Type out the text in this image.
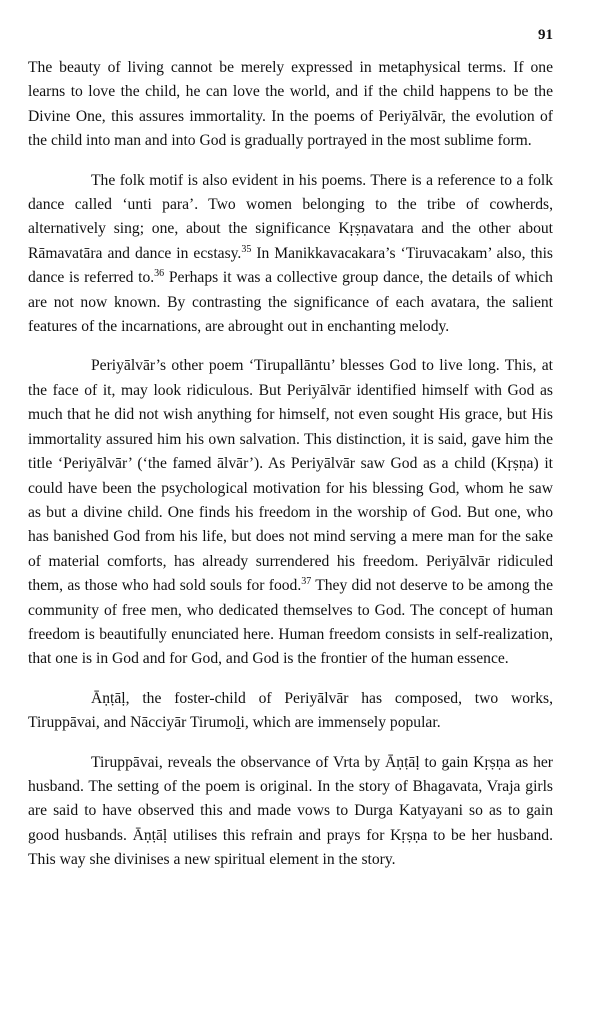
91

The beauty of living cannot be merely expressed in metaphysical terms. If one learns to love the child, he can love the world, and if the child happens to be the Divine One, this assures immortality. In the poems of Periyālvār, the evolution of the child into man and into God is gradually portrayed in the most sublime form.

The folk motif is also evident in his poems. There is a reference to a folk dance called ‘unti para’. Two women belonging to the tribe of cowherds, alternatively sing; one, about the significance Kṛṣṇavatara and the other about Rāmavatāra and dance in ecstasy.$^{35}$ In Manikkavacakara’s ‘Tiruvacakam’ also, this dance is referred to.$^{36}$ Perhaps it was a collective group dance, the details of which are not now known. By contrasting the significance of each avatara, the salient features of the incarnations, are abrought out in enchanting melody.

Periyālvār’s other poem ‘Tirupallāntu’ blesses God to live long. This, at the face of it, may look ridiculous. But Periyālvār identified himself with God as much that he did not wish anything for himself, not even sought His grace, but His immortality assured him his own salvation. This distinction, it is said, gave him the title ‘Periyālvār’ (‘the famed ālvār’). As Periyālvār saw God as a child (Kṛṣṇa) it could have been the psychological motivation for his blessing God, whom he saw as but a divine child. One finds his freedom in the worship of God. But one, who has banished God from his life, but does not mind serving a mere man for the sake of material comforts, has already surrendered his freedom. Periyālvār ridiculed them, as those who had sold souls for food.$^{37}$ They did not deserve to be among the community of free men, who dedicated themselves to God. The concept of human freedom is beautifully enunciated here. Human freedom consists in self-realization, that one is in God and for God, and God is the frontier of the human essence.

Āṇṭāḷ, the foster-child of Periyālvār has composed, two works, Tiruppāvai, and Nācciyār Tirumoḻi, which are immensely popular.

Tiruppāvai, reveals the observance of Vrta by Āṇṭāḷ to gain Kṛṣṇa as her husband. The setting of the poem is original. In the story of Bhagavata, Vraja girls are said to have observed this and made vows to Durga Katyayani so as to gain good husbands. Āṇṭāḷ utilises this refrain and prays for Kṛṣṇa to be her husband. This way she divinises a new spiritual element in the story.
